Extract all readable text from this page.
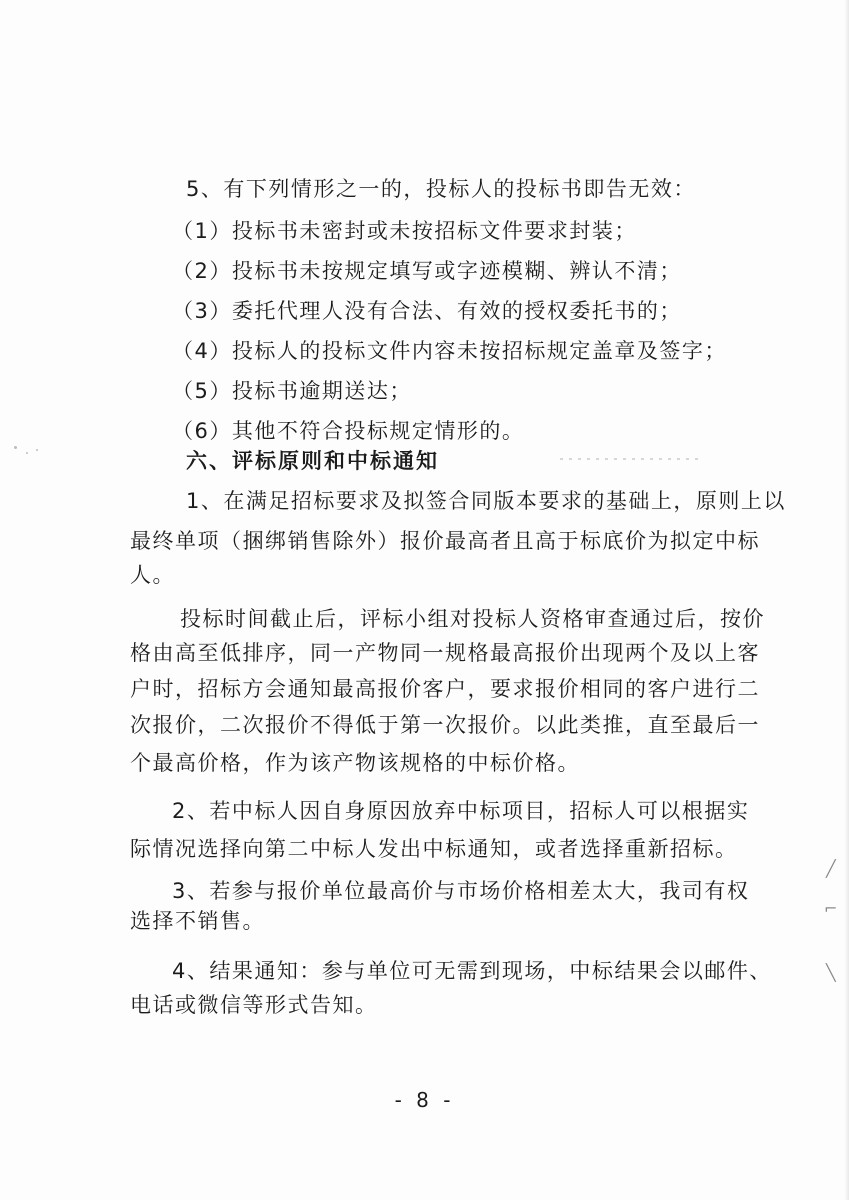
╱
⌐
╲
5、有下列情形之一的，投标人的投标书即告无效：
（1）投标书未密封或未按招标文件要求封装；
（2）投标书未按规定填写或字迹模糊、辨认不清；
（3）委托代理人没有合法、有效的授权委托书的；
（4）投标人的投标文件内容未按招标规定盖章及签字；
（5）投标书逾期送达；
（6）其他不符合投标规定情形的。
六、评标原则和中标通知
1、在满足招标要求及拟签合同版本要求的基础上，原则上以
最终单项（捆绑销售除外）报价最高者且高于标底价为拟定中标
人。
投标时间截止后，评标小组对投标人资格审查通过后，按价
格由高至低排序，同一产物同一规格最高报价出现两个及以上客
户时，招标方会通知最高报价客户，要求报价相同的客户进行二
次报价，二次报价不得低于第一次报价。以此类推，直至最后一
个最高价格，作为该产物该规格的中标价格。
2、若中标人因自身原因放弃中标项目，招标人可以根据实
际情况选择向第二中标人发出中标通知，或者选择重新招标。
3、若参与报价单位最高价与市场价格相差太大，我司有权
选择不销售。
4、结果通知：参与单位可无需到现场，中标结果会以邮件、
电话或微信等形式告知。
- 8 -
